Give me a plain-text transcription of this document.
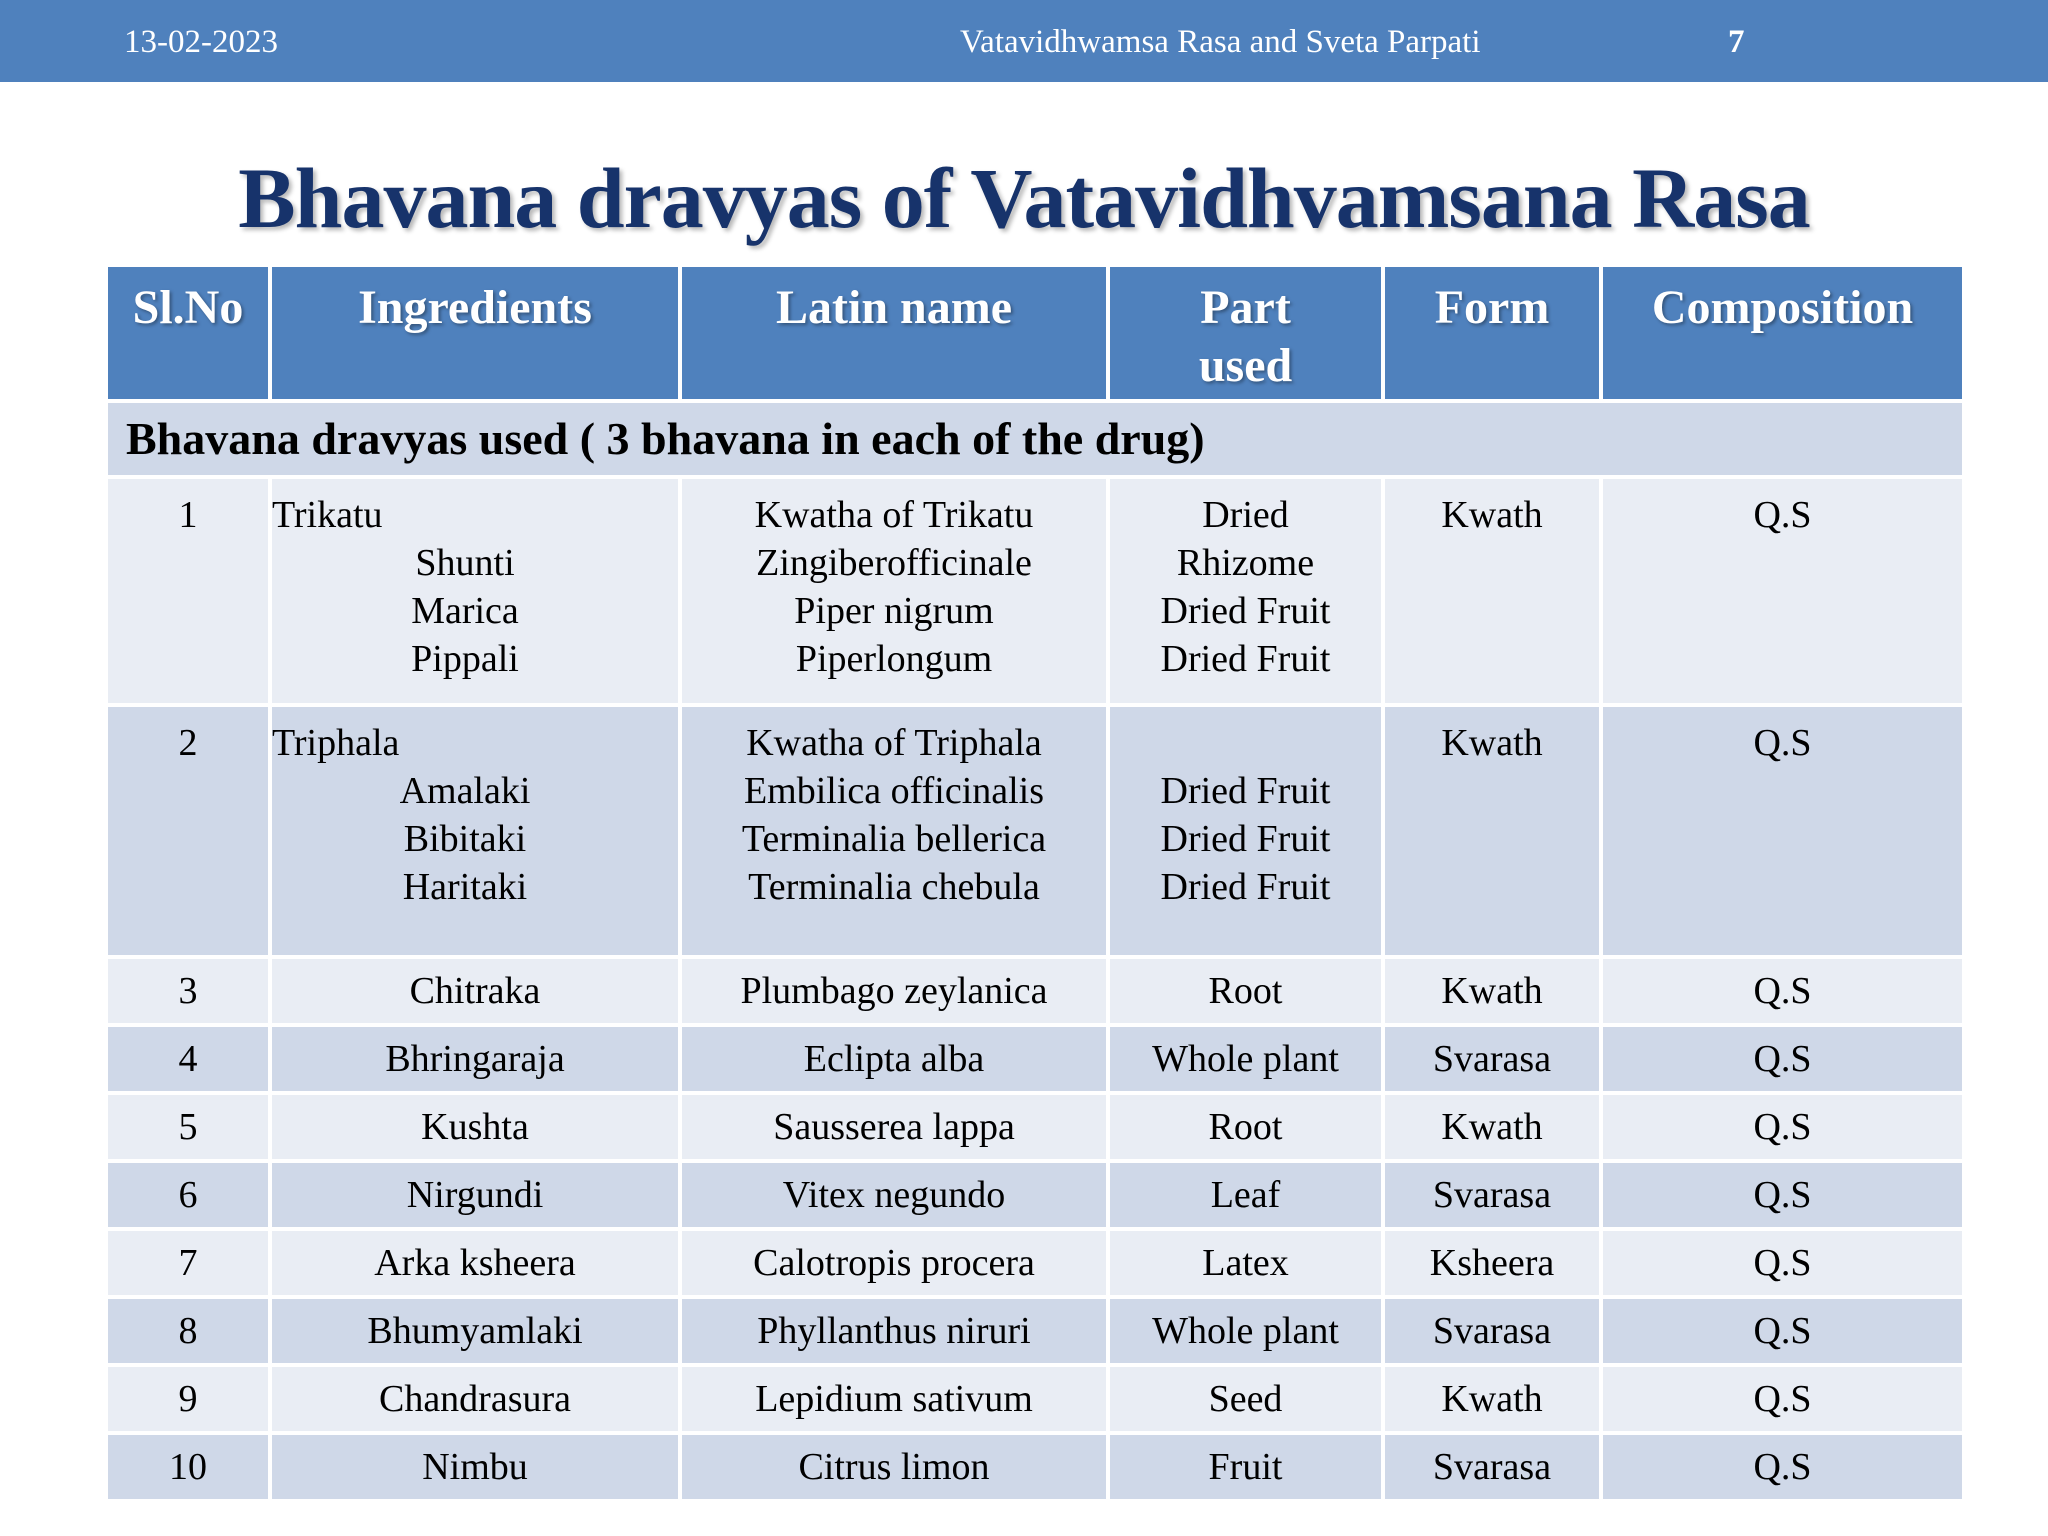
13-02-2023	Vatavidhwamsa Rasa and Sveta Parpati	7
Bhavana dravyas of Vatavidhvamsana Rasa
Sl.No	Ingredients	Latin name	Part used	Form	Composition
Bhavana dravyas used ( 3 bhavana in each of the drug)					
1	Trikatu
Shunti
Marica
Pippali	Kwatha of Trikatu
Zingiberofficinale
Piper nigrum
Piperlongum	Dried
Rhizome
Dried Fruit
Dried Fruit	Kwath	Q.S
2	Triphala
Amalaki
Bibitaki
Haritaki	Kwatha of Triphala
Embilica officinalis
Terminalia bellerica
Terminalia chebula	Dried Fruit
Dried Fruit
Dried Fruit	Kwath	Q.S
3	Chitraka	Plumbago zeylanica	Root	Kwath	Q.S
4	Bhringaraja	Eclipta alba	Whole plant	Svarasa	Q.S
5	Kushta	Sausserea lappa	Root	Kwath	Q.S
6	Nirgundi	Vitex negundo	Leaf	Svarasa	Q.S
7	Arka ksheera	Calotropis procera	Latex	Ksheera	Q.S
8	Bhumyamlaki	Phyllanthus niruri	Whole plant	Svarasa	Q.S
9	Chandrasura	Lepidium sativum	Seed	Kwath	Q.S
10	Nimbu	Citrus limon	Fruit	Svarasa	Q.S
